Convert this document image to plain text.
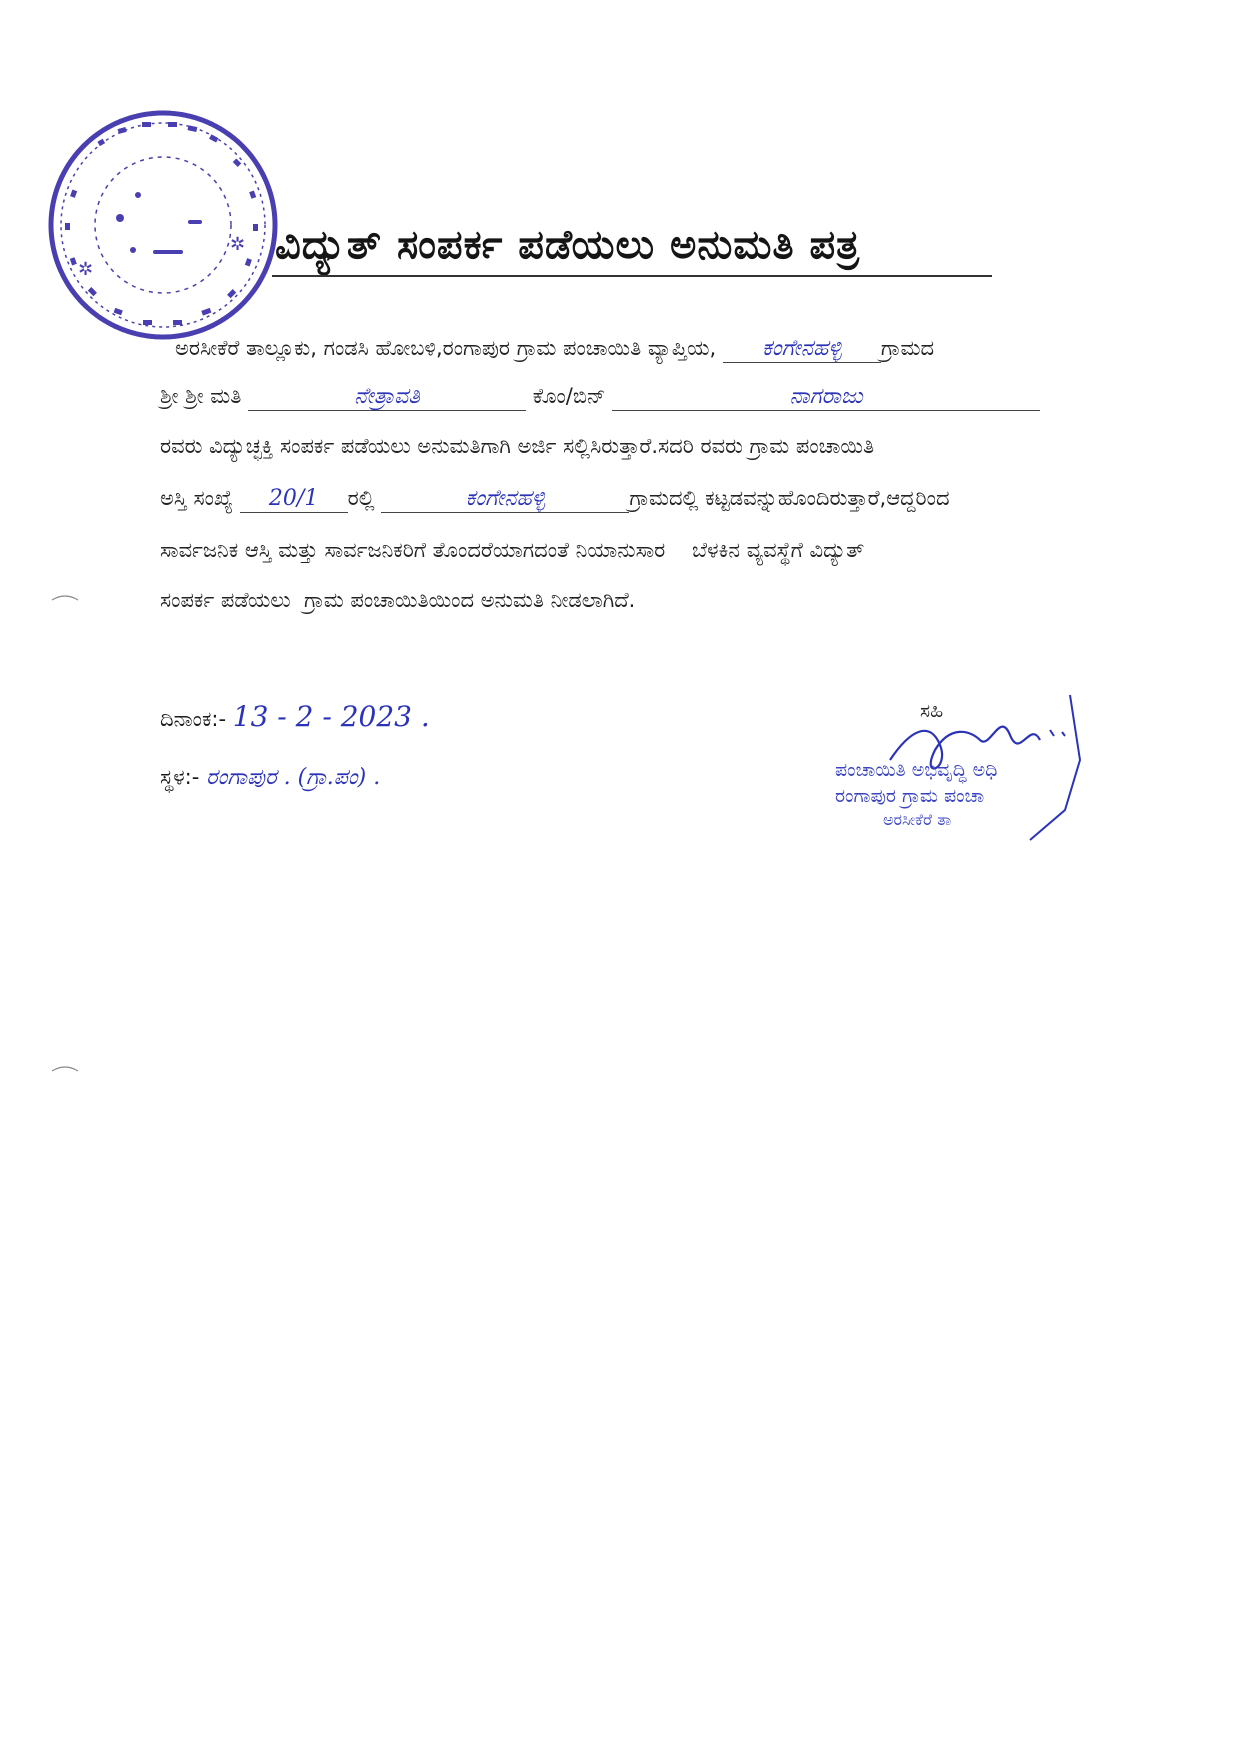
✲
✲
ವಿದ್ಯುತ್ ಸಂಪರ್ಕ ಪಡೆಯಲು ಅನುಮತಿ ಪತ್ರ
ಅರಸೀಕೆರೆ ತಾಲ್ಲೂಕು, ಗಂಡಸಿ ಹೋಬಳಿ,ರಂಗಾಪುರ ಗ್ರಾಮ ಪಂಚಾಯಿತಿ ವ್ಯಾಪ್ತಿಯ, ಕಂಗೇನಹಳ್ಳಿ ಗ್ರಾಮದ
ಶ್ರೀ ಶ್ರೀ ಮತಿ	ನೇತ್ರಾವತಿ	ಕೊಂ/ಬಿನ್	ನಾಗರಾಜು
ರವರು ವಿದ್ಯುಚ್ಛಕ್ತಿ ಸಂಪರ್ಕ ಪಡೆಯಲು ಅನುಮತಿಗಾಗಿ ಅರ್ಜಿ ಸಲ್ಲಿಸಿರುತ್ತಾರೆ.ಸದರಿ ರವರು ಗ್ರಾಮ ಪಂಚಾಯಿತಿ
ಅಸ್ತಿ ಸಂಖ್ಯೆ 20/1 ರಲ್ಲಿ	ಕಂಗೇನಹಳ್ಳಿ	ಗ್ರಾಮದಲ್ಲಿ ಕಟ್ಟಡವನ್ನುಹೊಂದಿರುತ್ತಾರೆ,ಆದ್ದರಿಂದ
ಸಾರ್ವಜನಿಕ ಆಸ್ತಿ ಮತ್ತು ಸಾರ್ವಜನಿಕರಿಗೆ ತೊಂದರೆಯಾಗದಂತೆ ನಿಯಾನುಸಾರ    ಬೆಳಕಿನ ವ್ಯವಸ್ಥೆಗೆ ವಿದ್ಯುತ್
ಸಂಪರ್ಕ ಪಡೆಯಲು  ಗ್ರಾಮ ಪಂಚಾಯಿತಿಯಿಂದ ಅನುಮತಿ ನೀಡಲಾಗಿದೆ.
ದಿನಾಂಕ:- 13 - 2 - 2023 .
ಸ್ಥಳ:- ರಂಗಾಪುರ . (ಗ್ರಾ.ಪಂ) .
ಸಹಿ
ಪಂಚಾಯಿತಿ ಅಭಿವೃದ್ಧಿ ಅಧಿ
ರಂಗಾಪುರ ಗ್ರಾಮ ಪಂಚಾ
ಅರಸೀಕೆರೆ ತಾ
